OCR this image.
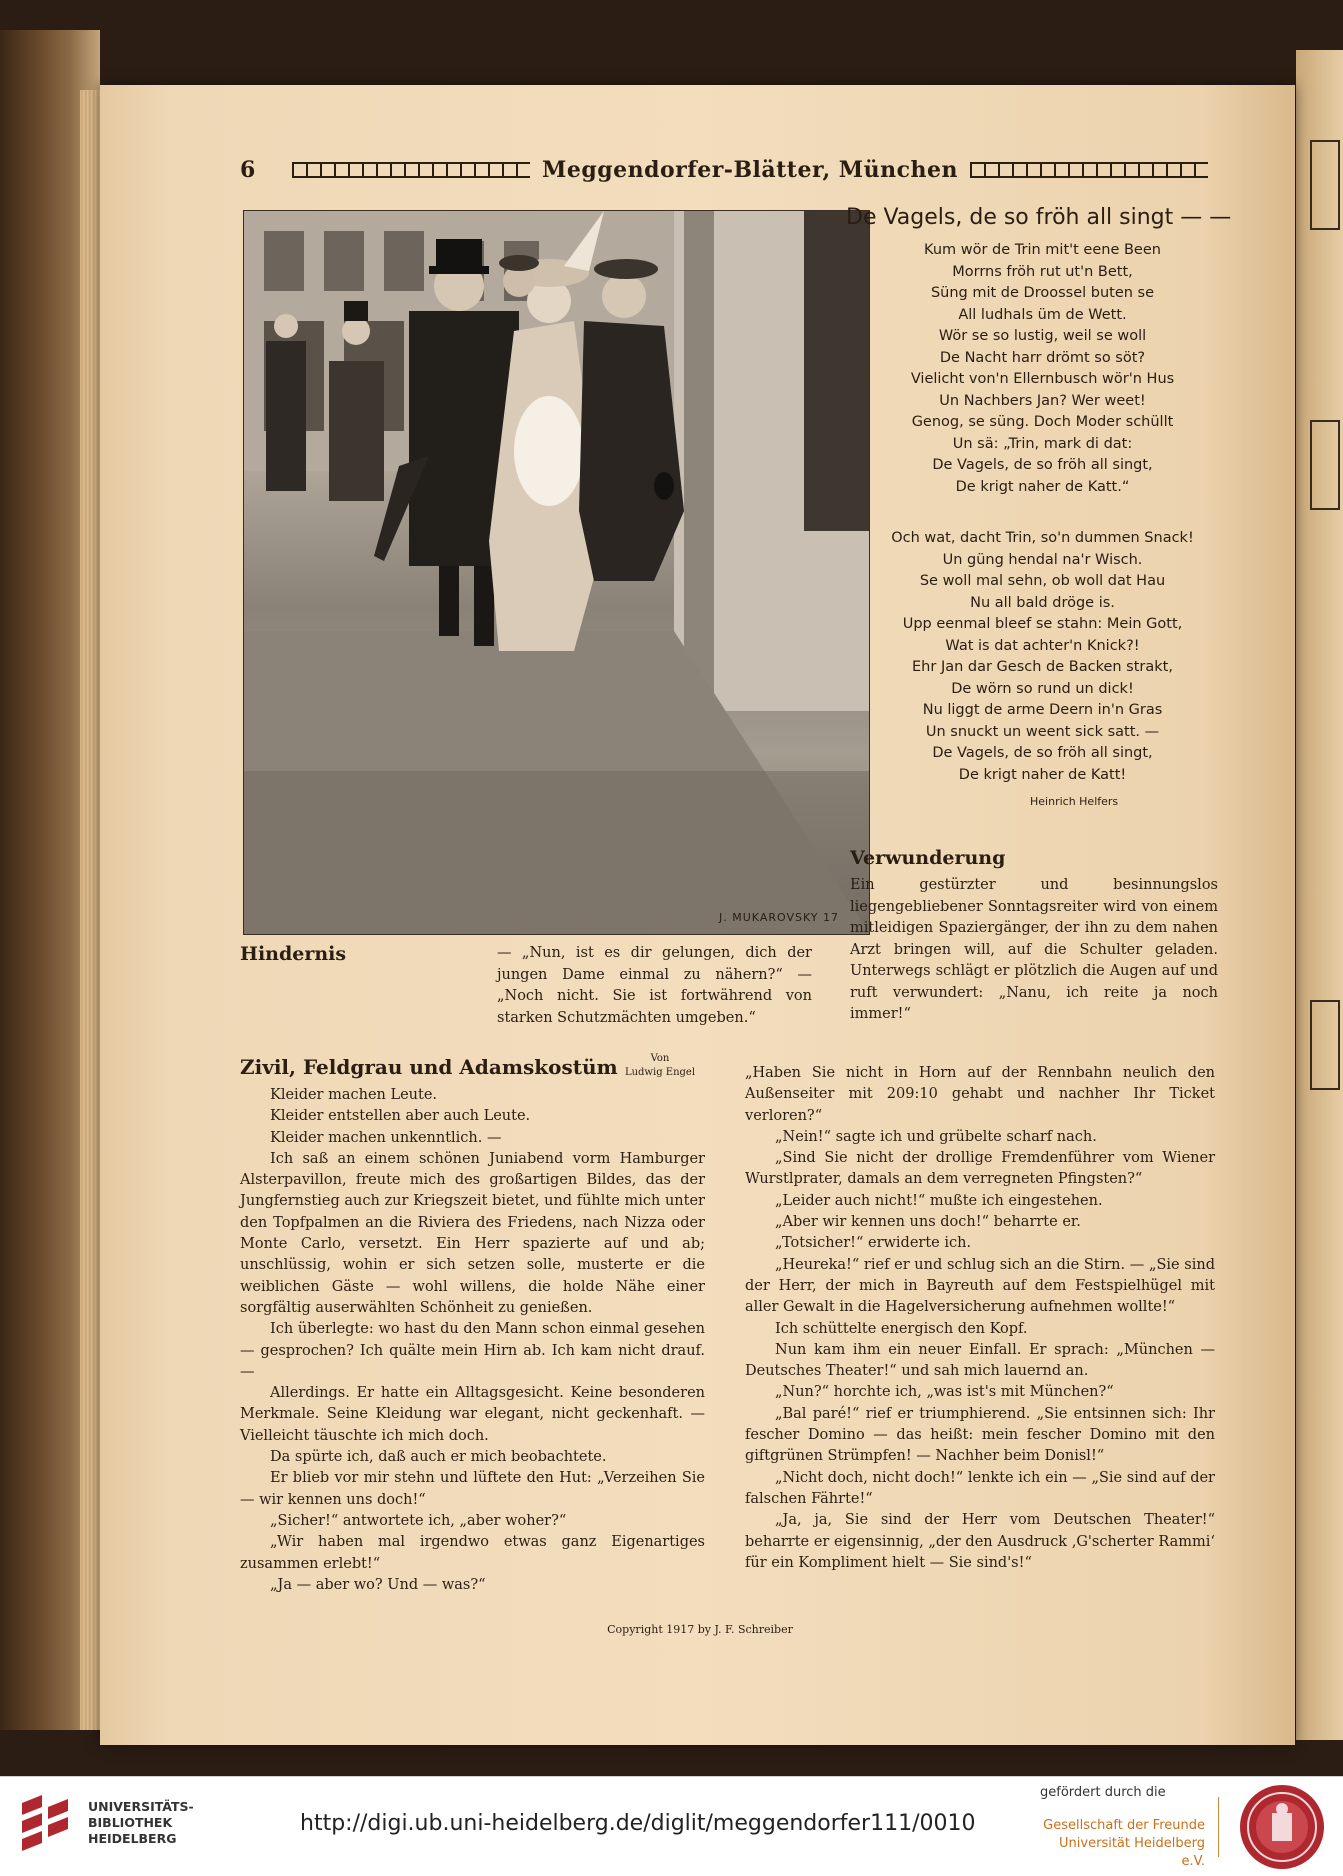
6	Meggendorfer-Blätter, München
J. MUKAROVSKY 17
De Vagels, de so fröh all singt — —
Kum wör de Trin mit't eene Been
Morrns fröh rut ut'n Bett,
Süng mit de Droossel buten se
All ludhals üm de Wett.
Wör se so lustig, weil se woll
De Nacht harr drömt so söt?
Vielicht von'n Ellernbusch wör'n Hus
Un Nachbers Jan? Wer weet!
Genog, se süng. Doch Moder schüllt
Un sä: „Trin, mark di dat:
De Vagels, de so fröh all singt,
De krigt naher de Katt.“
Och wat, dacht Trin, so'n dummen Snack!
Un güng hendal na'r Wisch.
Se woll mal sehn, ob woll dat Hau
Nu all bald dröge is.
Upp eenmal bleef se stahn: Mein Gott,
Wat is dat achter'n Knick?!
Ehr Jan dar Gesch de Backen strakt,
De wörn so rund un dick!
Nu liggt de arme Deern in'n Gras
Un snuckt un weent sick satt. —
De Vagels, de so fröh all singt,
De krigt naher de Katt!
Heinrich Helfers
Verwunderung
Ein gestürzter und besinnungslos liegengebliebener Sonntagsreiter wird von einem mitleidigen Spaziergänger, der ihn zu dem nahen Arzt bringen will, auf die Schulter geladen. Unterwegs schlägt er plötzlich die Augen auf und ruft verwundert: „Nanu, ich reite ja noch immer!“
Hindernis	— „Nun, ist es dir gelungen, dich der jungen Dame einmal zu nähern?“ — „Noch nicht. Sie ist fortwährend von starken Schutzmächten umgeben.“
Zivil, Feldgrau und Adamskostüm	Von
Ludwig Engel
Kleider machen Leute.
Kleider entstellen aber auch Leute.
Kleider machen unkenntlich. —
Ich saß an einem schönen Juniabend vorm Hamburger Alsterpavillon, freute mich des großartigen Bildes, das der Jungfernstieg auch zur Kriegszeit bietet, und fühlte mich unter den Topfpalmen an die Riviera des Friedens, nach Nizza oder Monte Carlo, versetzt. Ein Herr spazierte auf und ab; unschlüssig, wohin er sich setzen solle, musterte er die weiblichen Gäste — wohl willens, die holde Nähe einer sorgfältig auserwählten Schönheit zu genießen.
Ich überlegte: wo hast du den Mann schon einmal gesehen — gesprochen? Ich quälte mein Hirn ab. Ich kam nicht drauf. —
Allerdings. Er hatte ein Alltagsgesicht. Keine besonderen Merkmale. Seine Kleidung war elegant, nicht geckenhaft. — Vielleicht täuschte ich mich doch.
Da spürte ich, daß auch er mich beobachtete.
Er blieb vor mir stehn und lüftete den Hut: „Verzeihen Sie — wir kennen uns doch!“
„Sicher!“ antwortete ich, „aber woher?“
„Wir haben mal irgendwo etwas ganz Eigenartiges zusammen erlebt!“
„Ja — aber wo? Und — was?“
„Haben Sie nicht in Horn auf der Rennbahn neulich den Außenseiter mit 209:10 gehabt und nachher Ihr Ticket verloren?“
„Nein!“ sagte ich und grübelte scharf nach.
„Sind Sie nicht der drollige Fremdenführer vom Wiener Wurstlprater, damals an dem verregneten Pfingsten?“
„Leider auch nicht!“ mußte ich eingestehen.
„Aber wir kennen uns doch!“ beharrte er.
„Totsicher!“ erwiderte ich.
„Heureka!“ rief er und schlug sich an die Stirn. — „Sie sind der Herr, der mich in Bayreuth auf dem Festspielhügel mit aller Gewalt in die Hagelversicherung aufnehmen wollte!“
Ich schüttelte energisch den Kopf.
Nun kam ihm ein neuer Einfall. Er sprach: „München — Deutsches Theater!“ und sah mich lauernd an.
„Nun?“ horchte ich, „was ist's mit München?“
„Bal paré!“ rief er triumphierend. „Sie entsinnen sich: Ihr fescher Domino — das heißt: mein fescher Domino mit den giftgrünen Strümpfen! — Nachher beim Donisl!“
„Nicht doch, nicht doch!“ lenkte ich ein — „Sie sind auf der falschen Fährte!“
„Ja, ja, Sie sind der Herr vom Deutschen Theater!“ beharrte er eigensinnig, „der den Ausdruck ‚G'scherter Rammi‘ für ein Kompliment hielt — Sie sind's!“
Copyright 1917 by J. F. Schreiber
UNIVERSITÄTS-
BIBLIOTHEK
HEIDELBERG
http://digi.ub.uni-heidelberg.de/diglit/meggendorfer111/0010
gefördert durch die
Gesellschaft der Freunde
Universität Heidelberg e.V.
